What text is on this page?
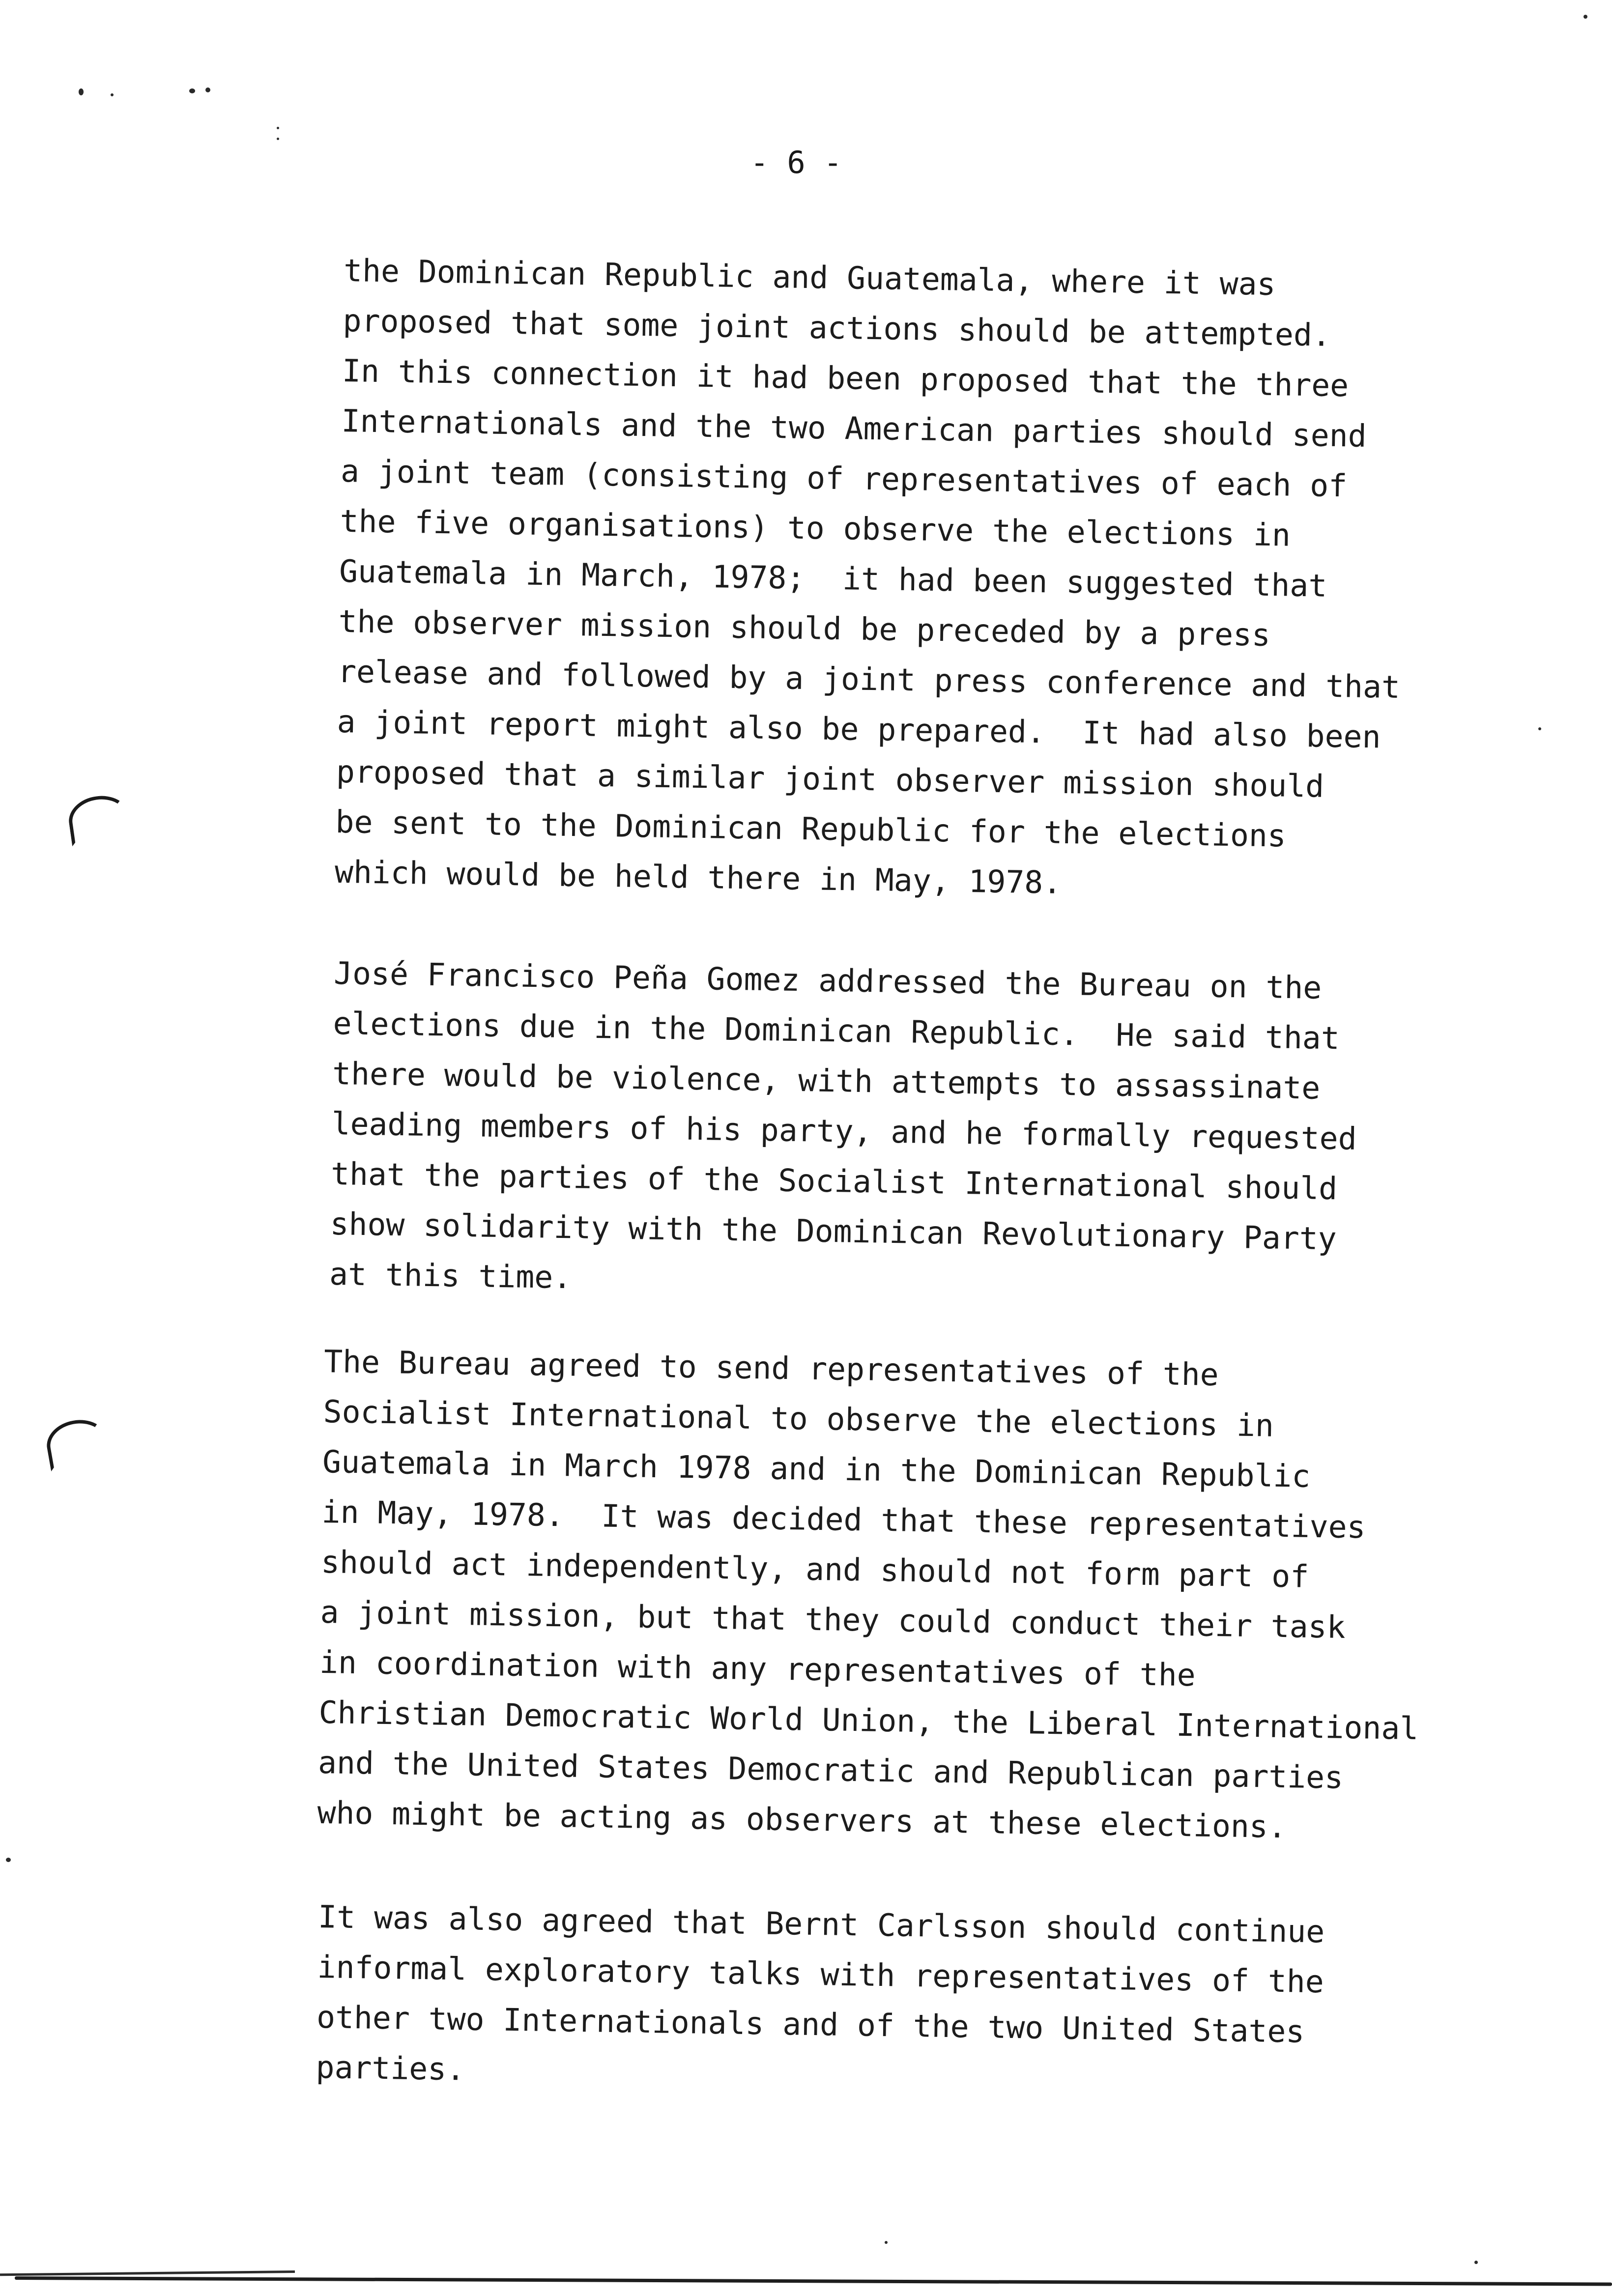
- 6 -
the Dominican Republic and Guatemala, where it was
proposed that some joint actions should be attempted.
In this connection it had been proposed that the three
Internationals and the two American parties should send
a joint team (consisting of representatives of each of
the five organisations) to observe the elections in
Guatemala in March, 1978;  it had been suggested that
the observer mission should be preceded by a press
release and followed by a joint press conference and that
a joint report might also be prepared.  It had also been
proposed that a similar joint observer mission should
be sent to the Dominican Republic for the elections
which would be held there in May, 1978.
José Francisco Peña Gomez addressed the Bureau on the
elections due in the Dominican Republic.  He said that
there would be violence, with attempts to assassinate
leading members of his party, and he formally requested
that the parties of the Socialist International should
show solidarity with the Dominican Revolutionary Party
at this time.
The Bureau agreed to send representatives of the
Socialist International to observe the elections in
Guatemala in March 1978 and in the Dominican Republic
in May, 1978.  It was decided that these representatives
should act independently, and should not form part of
a joint mission, but that they could conduct their task
in coordination with any representatives of the
Christian Democratic World Union, the Liberal International
and the United States Democratic and Republican parties
who might be acting as observers at these elections.
It was also agreed that Bernt Carlsson should continue
informal exploratory talks with representatives of the
other two Internationals and of the two United States
parties.
